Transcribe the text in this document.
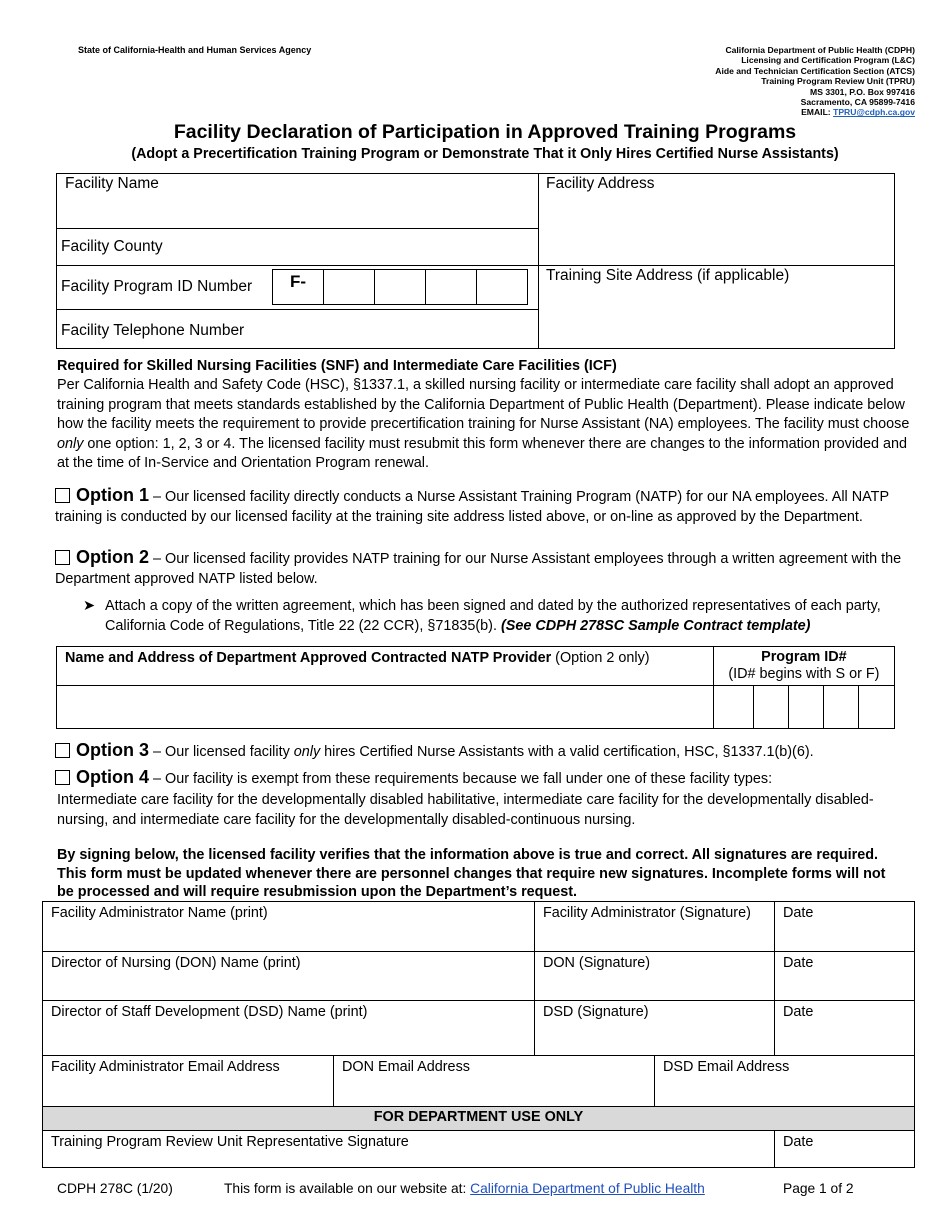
State of California-Health and Human Services Agency	California Department of Public Health (CDPH)
Licensing and Certification Program (L&C)
Aide and Technician Certification Section (ATCS)
Training Program Review Unit (TPRU)
MS 3301, P.O. Box 997416
Sacramento, CA 95899-7416
EMAIL: TPRU@cdph.ca.gov
Facility Declaration of Participation in Approved Training Programs
(Adopt a Precertification Training Program or Demonstrate That it Only Hires Certified Nurse Assistants)
Facility Name	Facility Address
Facility County
Facility Program ID Number	F-	Training Site Address (if applicable)
Facility Telephone Number
Required for Skilled Nursing Facilities (SNF) and Intermediate Care Facilities (ICF)
Per California Health and Safety Code (HSC), §1337.1, a skilled nursing facility or intermediate care facility shall adopt an approved training program that meets standards established by the California Department of Public Health (Department). Please indicate below how the facility meets the requirement to provide precertification training for Nurse Assistant (NA) employees. The facility must choose only one option: 1, 2, 3 or 4. The licensed facility must resubmit this form whenever there are changes to the information provided and at the time of In-Service and Orientation Program renewal.
Option 1 – Our licensed facility directly conducts a Nurse Assistant Training Program (NATP) for our NA employees. All NATP training is conducted by our licensed facility at the training site address listed above, or on-line as approved by the Department.
Option 2 – Our licensed facility provides NATP training for our Nurse Assistant employees through a written agreement with the Department approved NATP listed below.
➤ Attach a copy of the written agreement, which has been signed and dated by the authorized representatives of each party, California Code of Regulations, Title 22 (22 CCR), §71835(b). (See CDPH 278SC Sample Contract template)
Name and Address of Department Approved Contracted NATP Provider (Option 2 only)	Program ID#
(ID# begins with S or F)				

Option 3 – Our licensed facility only hires Certified Nurse Assistants with a valid certification, HSC, §1337.1(b)(6).
Option 4 – Our facility is exempt from these requirements because we fall under one of these facility types:
Intermediate care facility for the developmentally disabled habilitative, intermediate care facility for the developmentally disabled-nursing, and intermediate care facility for the developmentally disabled-continuous nursing.
By signing below, the licensed facility verifies that the information above is true and correct. All signatures are required. This form must be updated whenever there are personnel changes that require new signatures. Incomplete forms will not be processed and will require resubmission upon the Department’s request.
Facility Administrator Name (print)		Facility Administrator (Signature)		Date
Director of Nursing (DON) Name (print)		DON (Signature)		Date
Director of Staff Development (DSD) Name (print)		DSD (Signature)		Date
Facility Administrator Email Address	DON Email Address		DSD Email Address	
FOR DEPARTMENT USE ONLY				
Training Program Review Unit Representative Signature				Date
CDPH 278C (1/20)	This form is available on our website at: California Department of Public Health	Page 1 of 2
